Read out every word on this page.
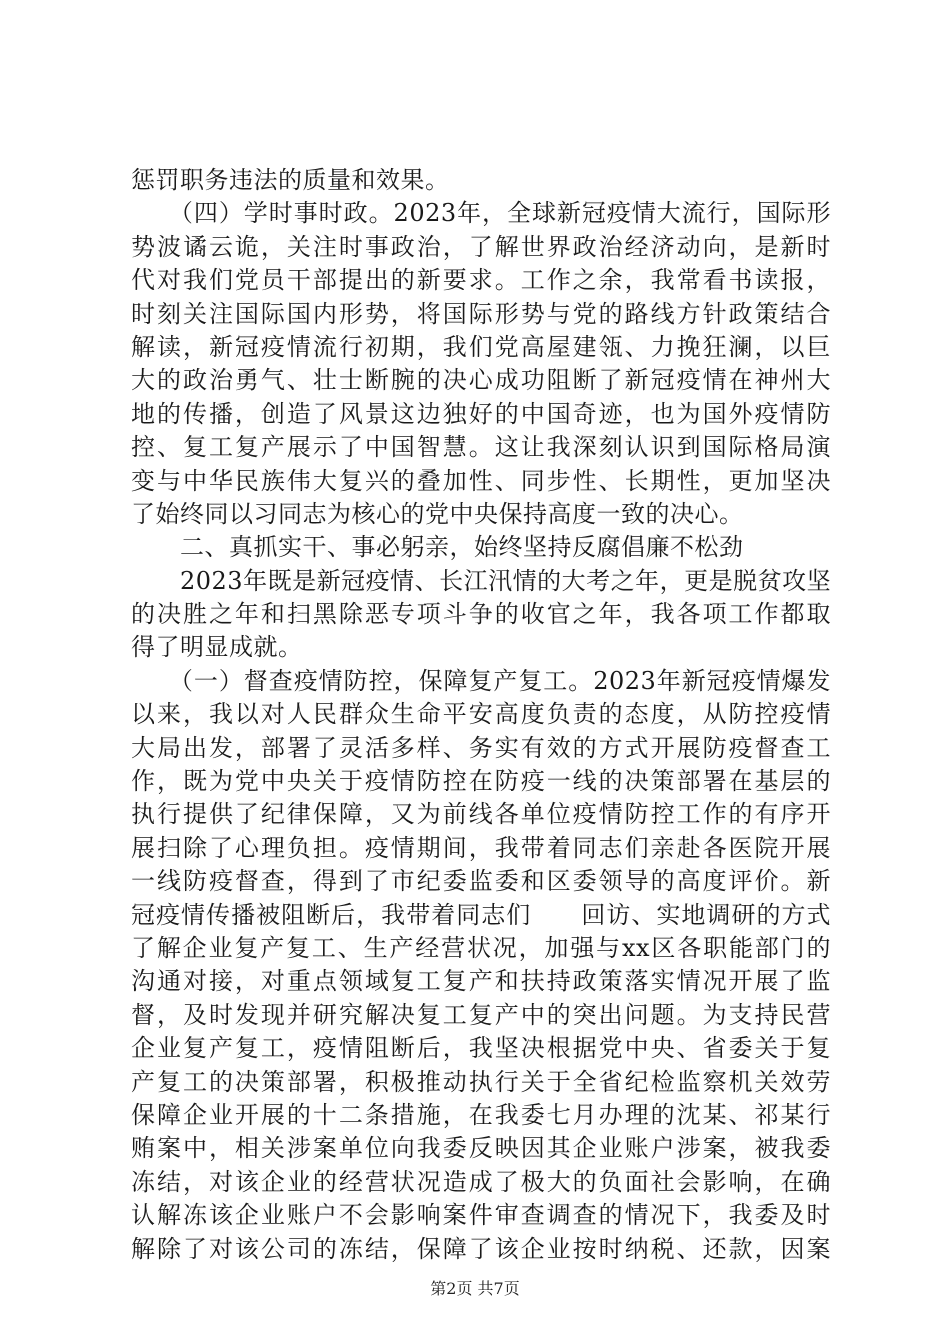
惩罚职务违法的质量和效果。
　　（四）学时事时政。2023年，全球新冠疫情大流行，国际形
势波谲云诡，关注时事政治，了解世界政治经济动向，是新时
代对我们党员干部提出的新要求。工作之余，我常看书读报，
时刻关注国际国内形势，将国际形势与党的路线方针政策结合
解读，新冠疫情流行初期，我们党高屋建瓴、力挽狂澜，以巨
大的政治勇气、壮士断腕的决心成功阻断了新冠疫情在神州大
地的传播，创造了风景这边独好的中国奇迹，也为国外疫情防
控、复工复产展示了中国智慧。这让我深刻认识到国际格局演
变与中华民族伟大复兴的叠加性、同步性、长期性，更加坚决
了始终同以习同志为核心的党中央保持高度一致的决心。
　　二、真抓实干、事必躬亲，始终坚持反腐倡廉不松劲
　　2023年既是新冠疫情、长江汛情的大考之年，更是脱贫攻坚
的决胜之年和扫黑除恶专项斗争的收官之年，我各项工作都取
得了明显成就。
　　（一）督查疫情防控，保障复产复工。2023年新冠疫情爆发
以来，我以对人民群众生命平安高度负责的态度，从防控疫情
大局出发，部署了灵活多样、务实有效的方式开展防疫督查工
作，既为党中央关于疫情防控在防疫一线的决策部署在基层的
执行提供了纪律保障，又为前线各单位疫情防控工作的有序开
展扫除了心理负担。疫情期间，我带着同志们亲赴各医院开展
一线防疫督查，得到了市纪委监委和区委领导的高度评价。新
冠疫情传播被阻断后，我带着同志们　　回访、实地调研的方式
了解企业复产复工、生产经营状况，加强与xx区各职能部门的
沟通对接，对重点领域复工复产和扶持政策落实情况开展了监
督，及时发现并研究解决复工复产中的突出问题。为支持民营
企业复产复工，疫情阻断后，我坚决根据党中央、省委关于复
产复工的决策部署，积极推动执行关于全省纪检监察机关效劳
保障企业开展的十二条措施，在我委七月办理的沈某、祁某行
贿案中，相关涉案单位向我委反映因其企业账户涉案，被我委
冻结，对该企业的经营状况造成了极大的负面社会影响，在确
认解冻该企业账户不会影响案件审查调查的情况下，我委及时
解除了对该公司的冻结，保障了该企业按时纳税、还款，因案
第2页 共7页
